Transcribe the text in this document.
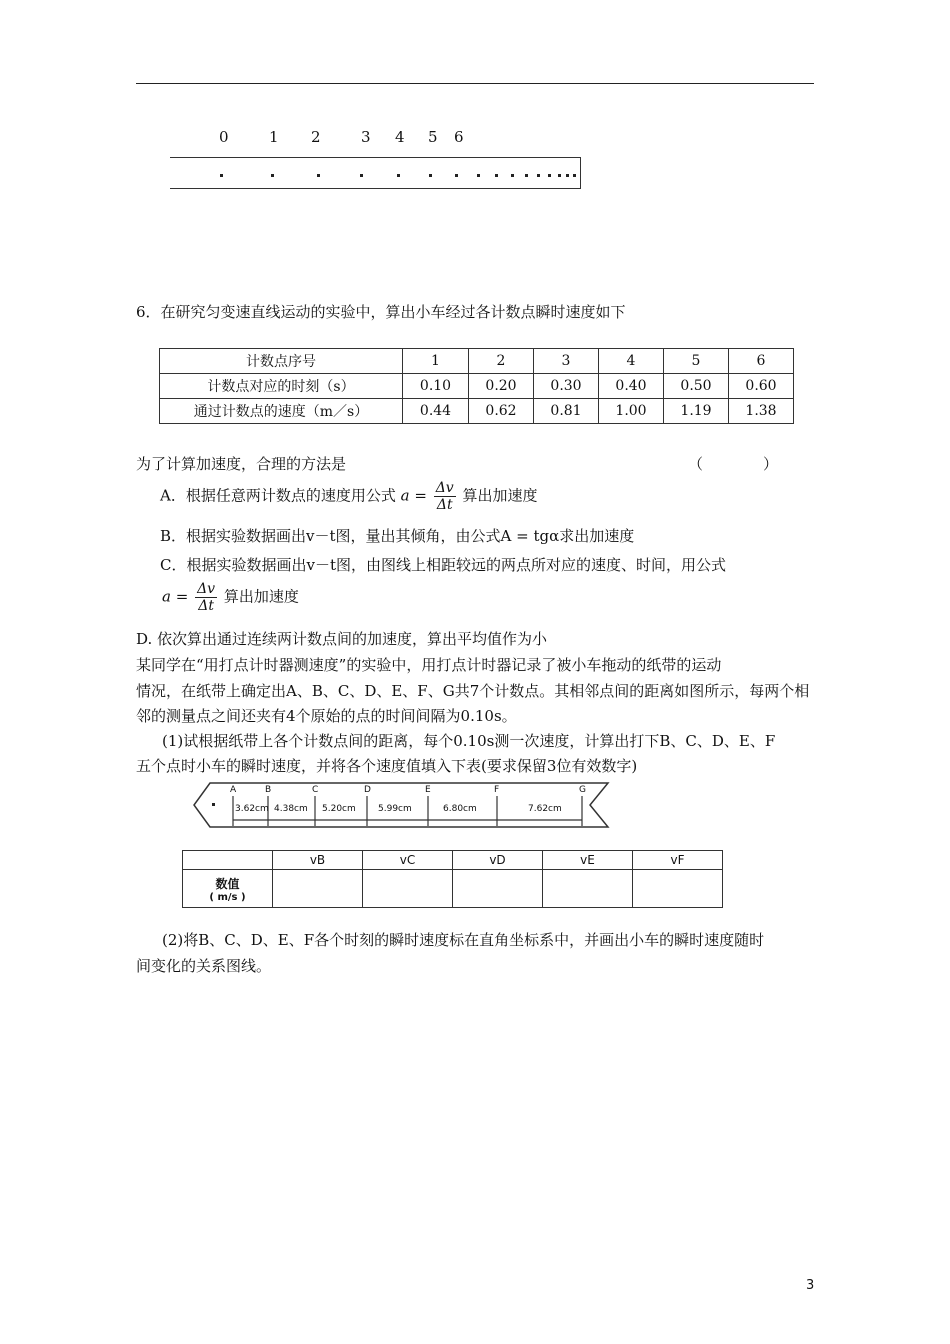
0	1 2	3 4 5 6
6．在研究匀变速直线运动的实验中，算出小车经过各计数点瞬时速度如下
计数点序号	1	2	3	4	5	6
计数点对应的时刻（s）	0.10	0.20	0.30	0.40	0.50	0.60
通过计数点的速度（m／s）	0.44	0.62	0.81	1.00	1.19	1.38
为了计算加速度，合理的方法是	（　　　　）
A．根据任意两计数点的速度用公式 $a = \frac{\Delta v}{\Delta t}$ 算出加速度
B．根据实验数据画出v－t图，量出其倾角，由公式A = tgα求出加速度
C．根据实验数据画出v－t图，由图线上相距较远的两点所对应的速度、时间，用公式
$a = \frac{\Delta v}{\Delta t}$ 算出加速度
D. 依次算出通过连续两计数点间的加速度，算出平均值作为小
某同学在“用打点计时器测速度”的实验中，用打点计时器记录了被小车拖动的纸带的运动
情况，在纸带上确定出A、B、C、D、E、F、G共7个计数点。其相邻点间的距离如图所示，每两个相
邻的测量点之间还夹有4个原始的点的时间间隔为0.10s。
(1)试根据纸带上各个计数点间的距离，每个0.10s测一次速度，计算出打下B、C、D、E、F
五个点时小车的瞬时速度，并将各个速度值填入下表(要求保留3位有效数字)
A	B	C	D	E	F	G
3.62cm 4.38cm 5.20cm 5.99cm	6.80cm	7.62cm
	vB	vC	vD	vE	vF

数值
( m/s )					

(2)将B、C、D、E、F各个时刻的瞬时速度标在直角坐标系中，并画出小车的瞬时速度随时
间变化的关系图线。
3
